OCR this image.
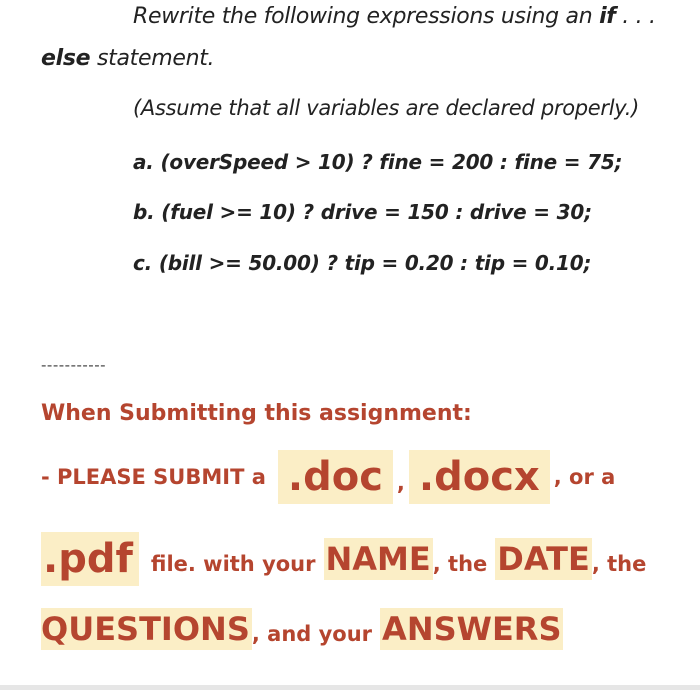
Rewrite the following expressions using an if . . .
else statement.
(Assume that all variables are declared properly.)
a. (overSpeed > 10) ? fine = 200 : fine = 75;
b. (fuel >= 10) ? drive = 150 : drive = 30;
c. (bill >= 50.00) ? tip = 0.20 : tip = 0.10;
-----------
When Submitting this assignment:
- PLEASE SUBMIT a .doc , .docx , or a
.pdf file. with your NAME , the DATE , the
QUESTIONS , and your ANSWERS
